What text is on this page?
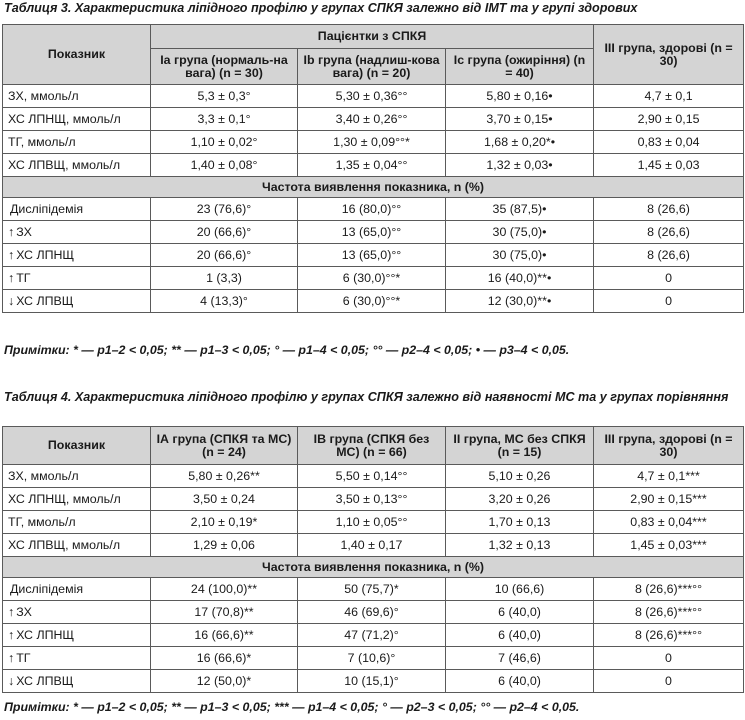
Таблиця 3. Характеристика ліпідного профілю у групах СПКЯ залежно від ІМТ та у групі здорових
Показник	Пацієнтки з СПКЯ			ІІІ група, здорові (n = 30)
	Іа група (нормаль-на вага) (n = 30)	Ib група (надлиш-кова вага) (n = 20)	Іс група (ожиріння) (n = 40)	
ЗХ, ммоль/л	5,3 ± 0,3°	5,30 ± 0,36°°	5,80 ± 0,16•	4,7 ± 0,1
ХС ЛПНЩ, ммоль/л	3,3 ± 0,1°	3,40 ± 0,26°°	3,70 ± 0,15•	2,90 ± 0,15
ТГ, ммоль/л	1,10 ± 0,02°	1,30 ± 0,09°°*	1,68 ± 0,20*•	0,83 ± 0,04
ХС ЛПВЩ, ммоль/л	1,40 ± 0,08°	1,35 ± 0,04°°	1,32 ± 0,03•	1,45 ± 0,03
Частота виявлення показника, n (%)				
Дисліпідемія	23 (76,6)°	16 (80,0)°°	35 (87,5)•	8 (26,6)
↑ ЗХ	20 (66,6)°	13 (65,0)°°	30 (75,0)•	8 (26,6)
↑ ХС ЛПНЩ	20 (66,6)°	13 (65,0)°°	30 (75,0)•	8 (26,6)
↑ ТГ	1 (3,3)	6 (30,0)°°*	16 (40,0)**•	0
↓ ХС ЛПВЩ	4 (13,3)°	6 (30,0)°°*	12 (30,0)**•	0
Примітки: * — p1–2 < 0,05; ** — p1–3 < 0,05; ° — p1–4 < 0,05; °° — p2–4 < 0,05; • — p3–4 < 0,05.
Таблиця 4. Характеристика ліпідного профілю у групах СПКЯ залежно від наявності МС та у групах порівняння
Показник	ІА група (СПКЯ та МС) (n = 24)	ІВ група (СПКЯ без МС) (n = 66)	ІІ група, МС без СПКЯ (n = 15)	ІІІ група, здорові (n = 30)
ЗХ, ммоль/л	5,80 ± 0,26**	5,50 ± 0,14°°	5,10 ± 0,26	4,7 ± 0,1***
ХС ЛПНЩ, ммоль/л	3,50 ± 0,24	3,50 ± 0,13°°	3,20 ± 0,26	2,90 ± 0,15***
ТГ, ммоль/л	2,10 ± 0,19*	1,10 ± 0,05°°	1,70 ± 0,13	0,83 ± 0,04***
ХС ЛПВЩ, ммоль/л	1,29 ± 0,06	1,40 ± 0,17	1,32 ± 0,13	1,45 ± 0,03***
Частота виявлення показника, n (%)				
Дисліпідемія	24 (100,0)**	50 (75,7)*	10 (66,6)	8 (26,6)***°°
↑ ЗХ	17 (70,8)**	46 (69,6)°	6 (40,0)	8 (26,6)***°°
↑ ХС ЛПНЩ	16 (66,6)**	47 (71,2)°	6 (40,0)	8 (26,6)***°°
↑ ТГ	16 (66,6)*	7 (10,6)°	7 (46,6)	0
↓ ХС ЛПВЩ	12 (50,0)*	10 (15,1)°	6 (40,0)	0
Примітки: * — p1–2 < 0,05; ** — p1–3 < 0,05; *** — p1–4 < 0,05; ° — p2–3 < 0,05; °° — p2–4 < 0,05.
